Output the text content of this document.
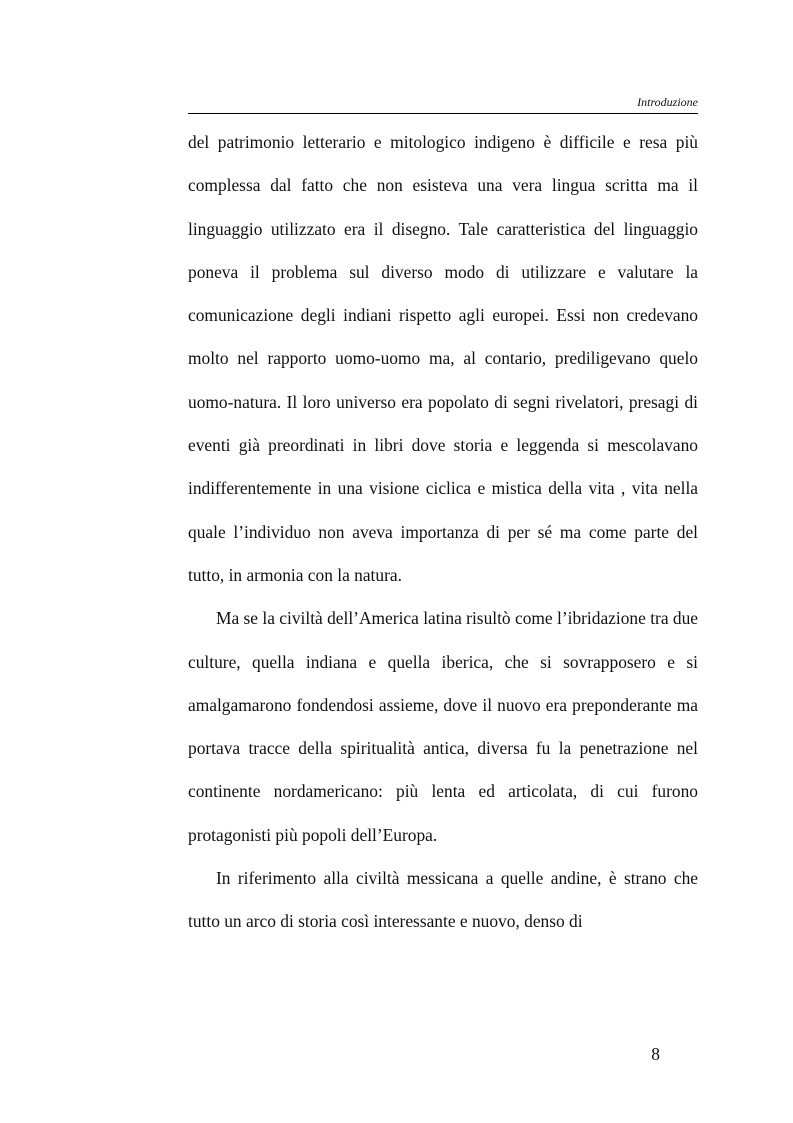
Introduzione

del patrimonio letterario e mitologico indigeno è difficile e resa più complessa dal fatto che non esisteva una vera lingua scritta ma il linguaggio utilizzato era il disegno. Tale caratteristica del linguaggio poneva il problema sul diverso modo di utilizzare e valutare la comunicazione degli indiani rispetto agli europei. Essi non credevano molto nel rapporto uomo-uomo ma, al contario, prediligevano quelo uomo-natura. Il loro universo era popolato di segni rivelatori, presagi di eventi già preordinati in libri dove storia e leggenda si mescolavano indifferentemente in una visione ciclica e mistica della vita , vita nella quale l’individuo non aveva importanza di per sé ma come parte del tutto, in armonia con la natura.

Ma se la civiltà dell’America latina risultò come l’ibridazione tra due culture, quella indiana e quella iberica, che si sovrapposero e si amalgamarono fondendosi assieme, dove il nuovo era preponderante ma portava tracce della spiritualità antica, diversa fu la penetrazione nel continente nordamericano: più lenta ed articolata, di cui furono protagonisti più popoli dell’Europa.

In riferimento alla civiltà messicana a quelle andine, è strano che tutto un arco di storia così interessante e nuovo, denso di

8
